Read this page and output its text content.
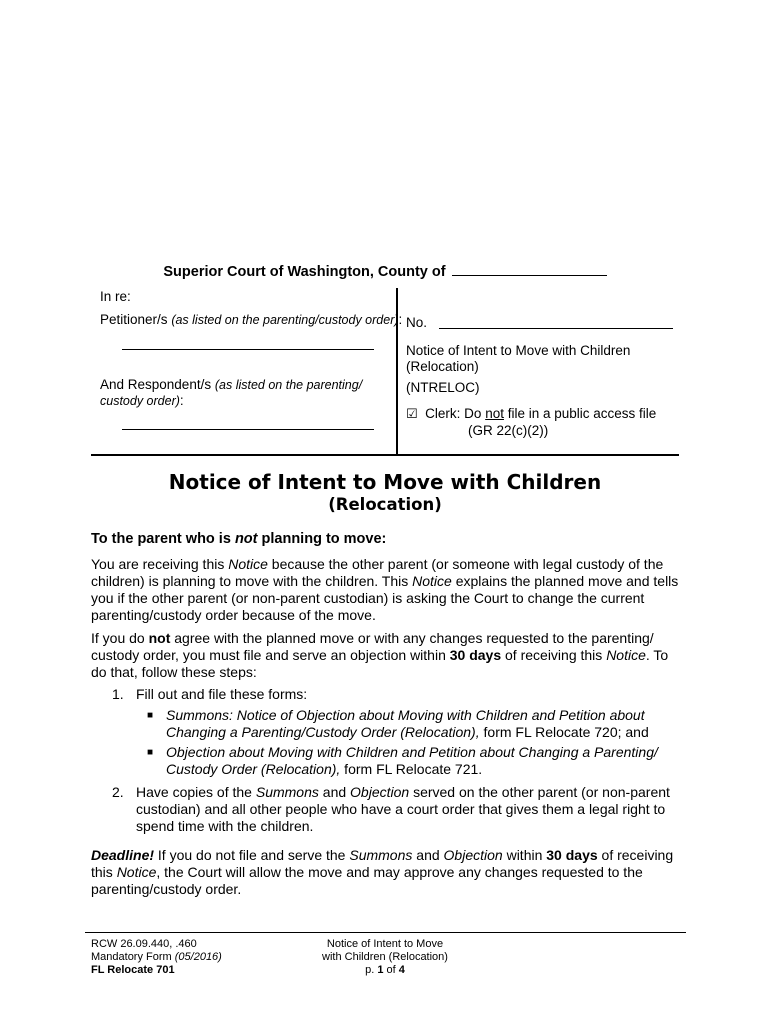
Superior Court of Washington, County of
In re:
Petitioner/s (as listed on the parenting/custody order):
And Respondent/s (as listed on the parenting/
custody order):
No.
Notice of Intent to Move with Children
(Relocation)
(NTRELOC)
☑ Clerk: Do not file in a public access file
(GR 22(c)(2))
Notice of Intent to Move with Children
(Relocation)
To the parent who is not planning to move:
You are receiving this Notice because the other parent (or someone with legal custody of the
children) is planning to move with the children. This Notice explains the planned move and tells
you if the other parent (or non-parent custodian) is asking the Court to change the current
parenting/custody order because of the move.
If you do not agree with the planned move or with any changes requested to the parenting/
custody order, you must file and serve an objection within 30 days of receiving this Notice. To
do that, follow these steps:
1. Fill out and file these forms:
■ Summons: Notice of Objection about Moving with Children and Petition about
Changing a Parenting/Custody Order (Relocation), form FL Relocate 720; and
■ Objection about Moving with Children and Petition about Changing a Parenting/
Custody Order (Relocation), form FL Relocate 721.
2. Have copies of the Summons and Objection served on the other parent (or non-parent
custodian) and all other people who have a court order that gives them a legal right to
spend time with the children.
Deadline! If you do not file and serve the Summons and Objection within 30 days of receiving
this Notice, the Court will allow the move and may approve any changes requested to the
parenting/custody order.
RCW 26.09.440, .460
Mandatory Form (05/2016)
FL Relocate 701
Notice of Intent to Move
with Children (Relocation)
p. 1 of 4
